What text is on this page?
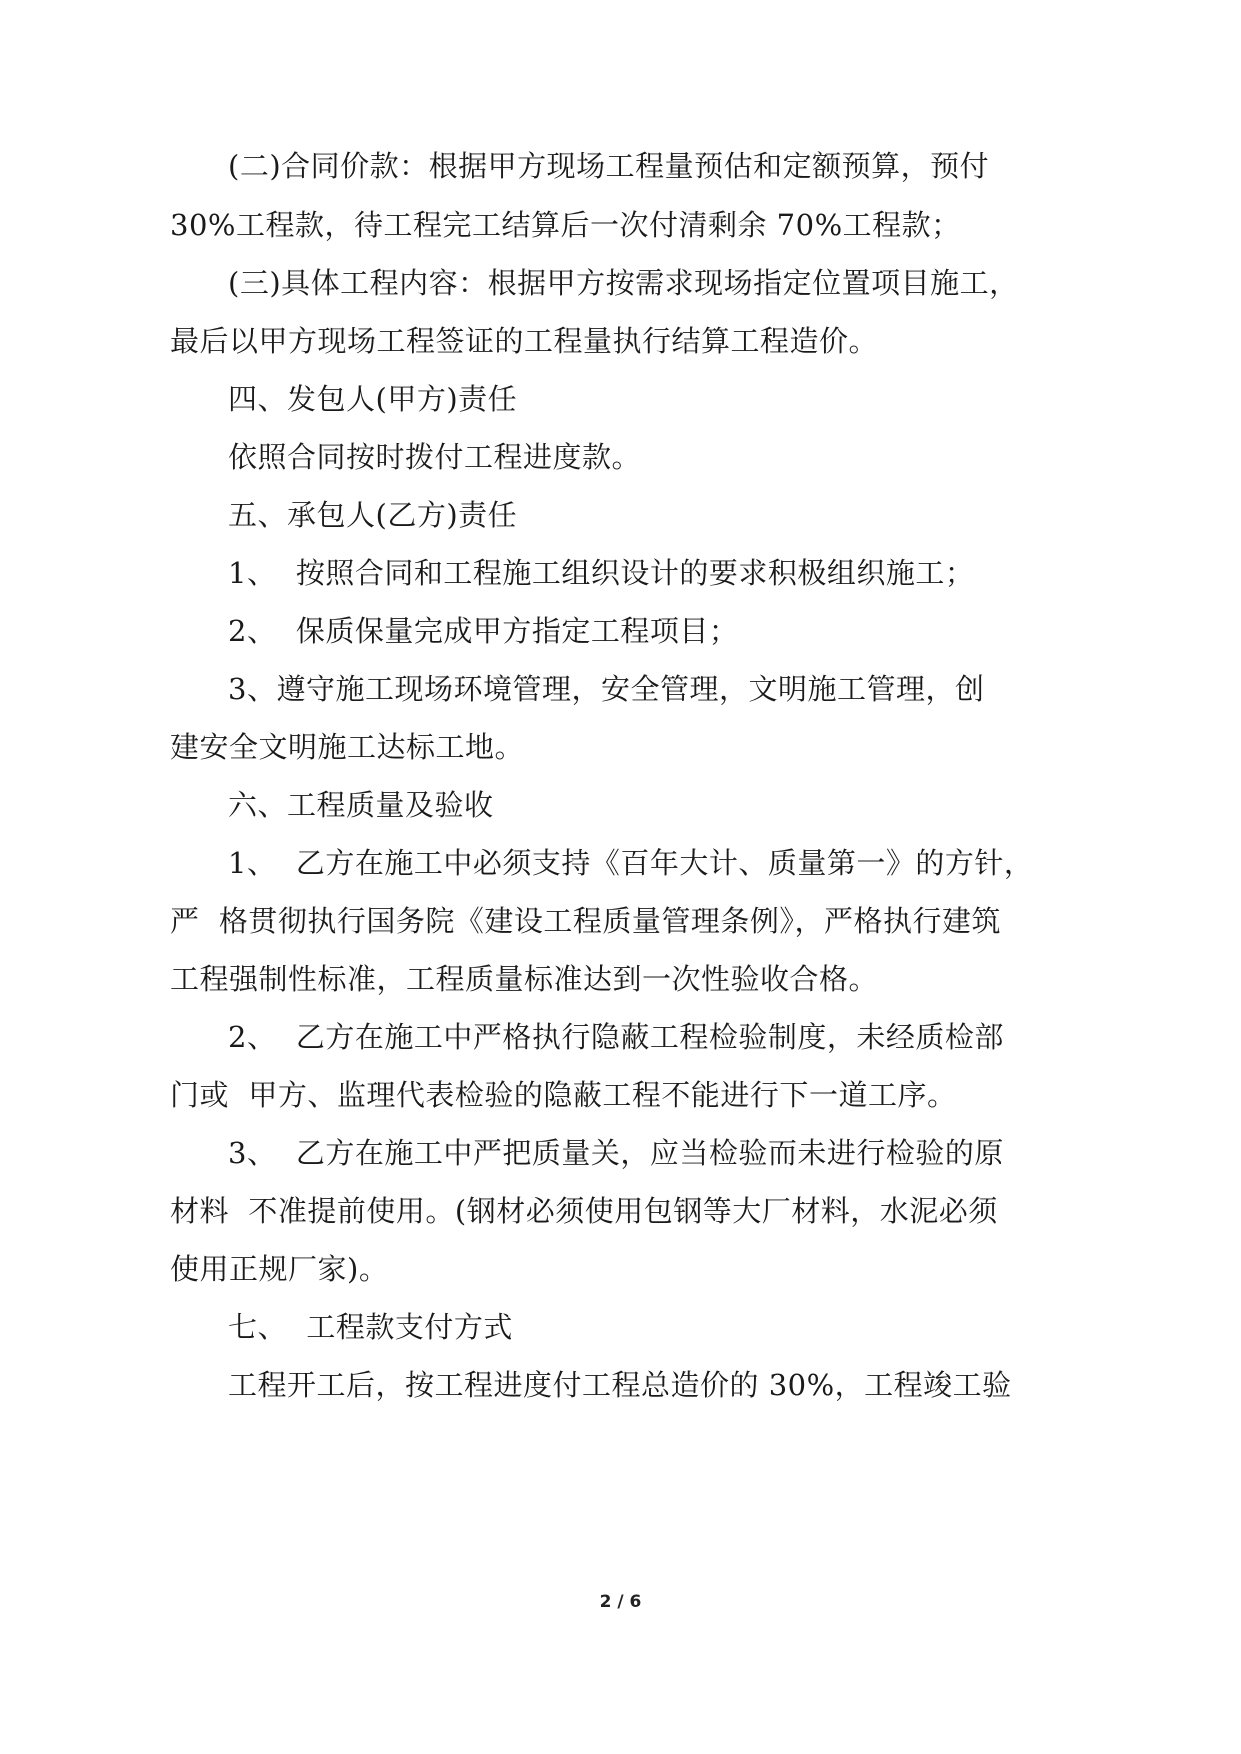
(二)合同价款：根据甲方现场工程量预估和定额预算，预付
30%工程款，待工程完工结算后一次付清剩余 70%工程款；
(三)具体工程内容：根据甲方按需求现场指定位置项目施工，
最后以甲方现场工程签证的工程量执行结算工程造价。
四、发包人(甲方)责任
依照合同按时拨付工程进度款。
五、承包人(乙方)责任
1、  按照合同和工程施工组织设计的要求积极组织施工；
2、  保质保量完成甲方指定工程项目；
3、遵守施工现场环境管理，安全管理，文明施工管理，创
建安全文明施工达标工地。
六、工程质量及验收
1、  乙方在施工中必须支持《百年大计、质量第一》的方针，
严  格贯彻执行国务院《建设工程质量管理条例》，严格执行建筑
工程强制性标准，工程质量标准达到一次性验收合格。
2、  乙方在施工中严格执行隐蔽工程检验制度，未经质检部
门或  甲方、监理代表检验的隐蔽工程不能进行下一道工序。
3、  乙方在施工中严把质量关，应当检验而未进行检验的原
材料  不准提前使用。(钢材必须使用包钢等大厂材料，水泥必须
使用正规厂家)。
七、  工程款支付方式
工程开工后，按工程进度付工程总造价的 30%，工程竣工验
2 / 6
